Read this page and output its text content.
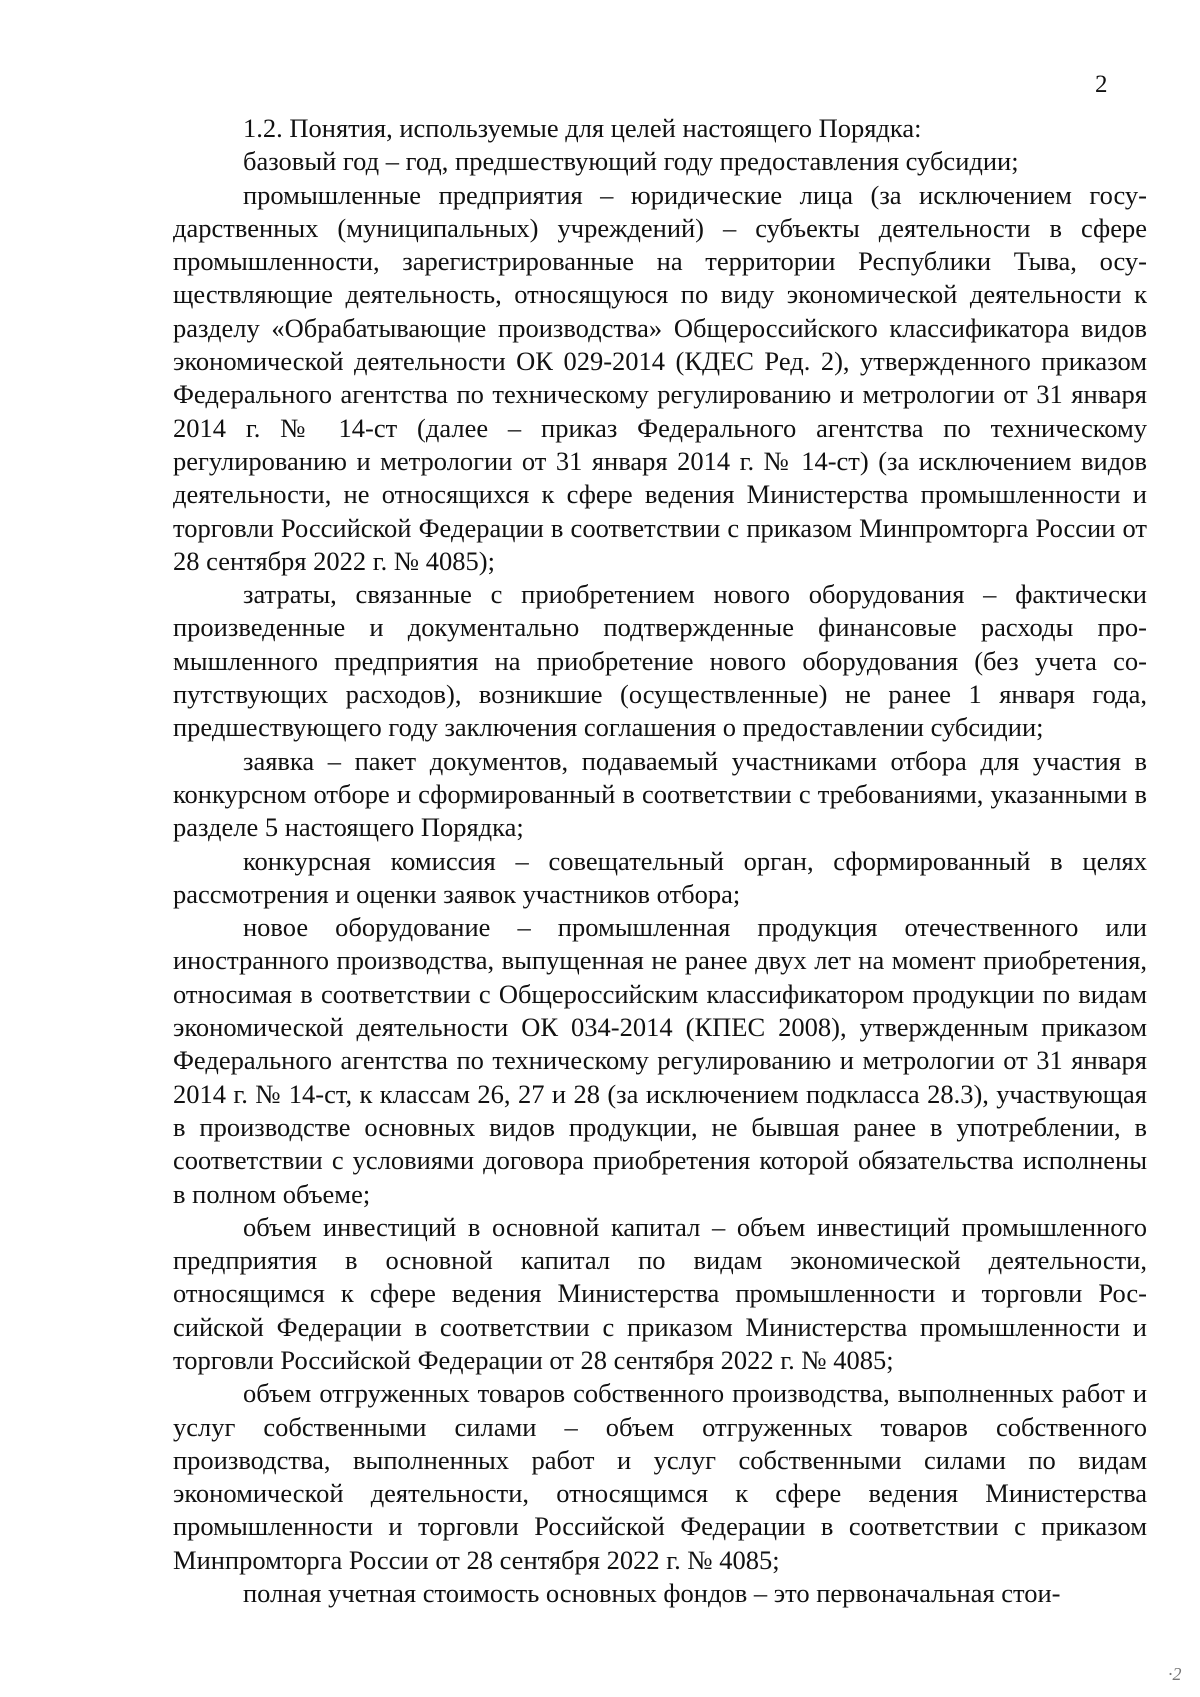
2

1.2. Понятия, используемые для целей настоящего Порядка:

базовый год – год, предшествующий году предоставления субсидии;

промышленные предприятия – юридические лица (за исключением государственных (муниципальных) учреждений) – субъекты деятельности в сфере промышленности, зарегистрированные на территории Республики Тыва, осуществляющие деятельность, относящуюся по виду экономической деятельности к разделу «Обрабатывающие производства» Общероссийского классификатора видов экономической деятельности ОК 029-2014 (КДЕС Ред. 2), утвержденного приказом Федерального агентства по техническому регулированию и метрологии от 31 января 2014 г. № 14-ст (далее – приказ Федерального агентства по техническому регулированию и метрологии от 31 января 2014 г. № 14-ст) (за исключением видов деятельности, не относящихся к сфере ведения Министерства промышленности и торговли Российской Федерации в соответствии с приказом Минпромторга России от 28 сентября 2022 г. № 4085);

затраты, связанные с приобретением нового оборудования – фактически произведенные и документально подтвержденные финансовые расходы промышленного предприятия на приобретение нового оборудования (без учета сопутствующих расходов), возникшие (осуществленные) не ранее 1 января года, предшествующего году заключения соглашения о предоставлении субсидии;

заявка – пакет документов, подаваемый участниками отбора для участия в конкурсном отборе и сформированный в соответствии с требованиями, указанными в разделе 5 настоящего Порядка;

конкурсная комиссия – совещательный орган, сформированный в целях рассмотрения и оценки заявок участников отбора;

новое оборудование – промышленная продукция отечественного или иностранного производства, выпущенная не ранее двух лет на момент приобретения, относимая в соответствии с Общероссийским классификатором продукции по видам экономической деятельности ОК 034-2014 (КПЕС 2008), утвержденным приказом Федерального агентства по техническому регулированию и метрологии от 31 января 2014 г. № 14-ст, к классам 26, 27 и 28 (за исключением подкласса 28.3), участвующая в производстве основных видов продукции, не бывшая ранее в употреблении, в соответствии с условиями договора приобретения которой обязательства исполнены в полном объеме;

объем инвестиций в основной капитал – объем инвестиций промышленного предприятия в основной капитал по видам экономической деятельности, относящимся к сфере ведения Министерства промышленности и торговли Российской Федерации в соответствии с приказом Министерства промышленности и торговли Российской Федерации от 28 сентября 2022 г. № 4085;

объем отгруженных товаров собственного производства, выполненных работ и услуг собственными силами – объем отгруженных товаров собственного производства, выполненных работ и услуг собственными силами по видам экономической деятельности, относящимся к сфере ведения Министерства промышленности и торговли Российской Федерации в соответствии с приказом Минпромторга России от 28 сентября 2022 г. № 4085;

полная учетная стоимость основных фондов – это первоначальная стои-

·2
